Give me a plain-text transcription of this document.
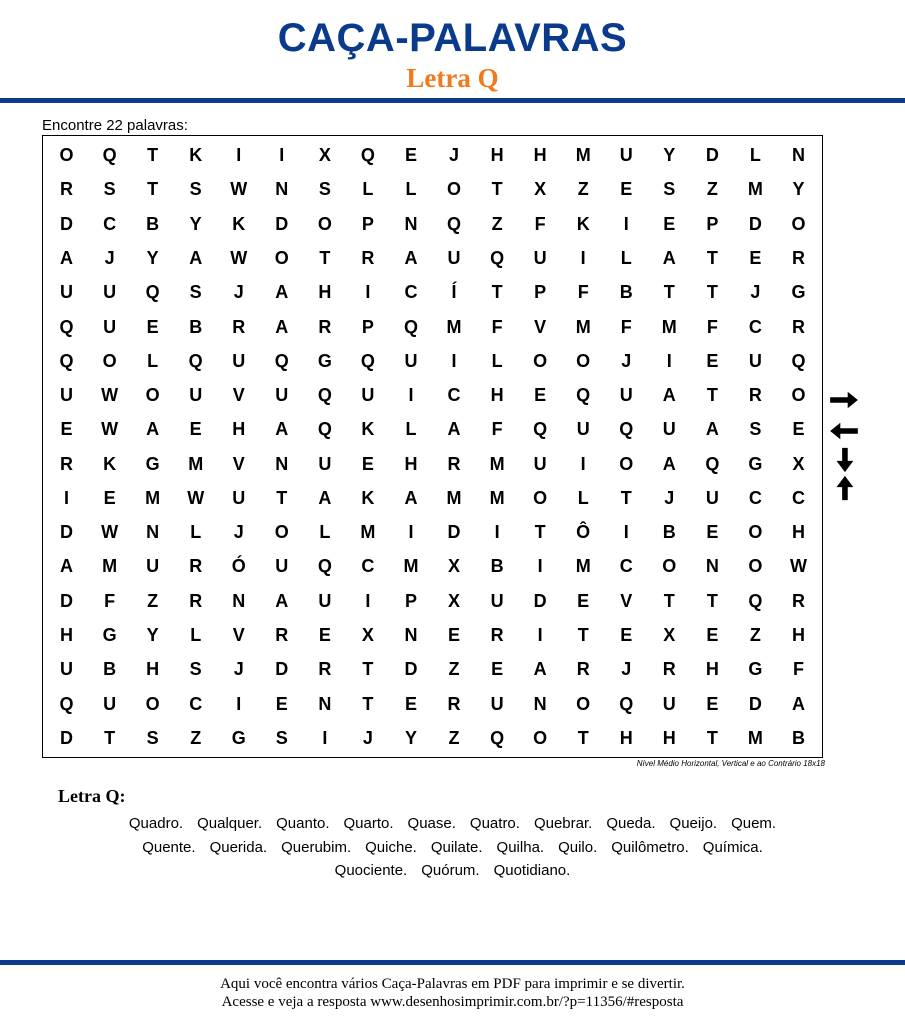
CAÇA-PALAVRAS
Letra Q
Encontre 22 palavras:
O	Q	T	K	I	I	X	Q	E	J	H	H	M	U	Y	D	L	N
R	S	T	S	W	N	S	L	L	O	T	X	Z	E	S	Z	M	Y
D	C	B	Y	K	D	O	P	N	Q	Z	F	K	I	E	P	D	O
A	J	Y	A	W	O	T	R	A	U	Q	U	I	L	A	T	E	R
U	U	Q	S	J	A	H	I	C	Í	T	P	F	B	T	T	J	G
Q	U	E	B	R	A	R	P	Q	M	F	V	M	F	M	F	C	R
Q	O	L	Q	U	Q	G	Q	U	I	L	O	O	J	I	E	U	Q
U	W	O	U	V	U	Q	U	I	C	H	E	Q	U	A	T	R	O
E	W	A	E	H	A	Q	K	L	A	F	Q	U	Q	U	A	S	E
R	K	G	M	V	N	U	E	H	R	M	U	I	O	A	Q	G	X
I	E	M	W	U	T	A	K	A	M	M	O	L	T	J	U	C	C
D	W	N	L	J	O	L	M	I	D	I	T	Ô	I	B	E	O	H
A	M	U	R	Ó	U	Q	C	M	X	B	I	M	C	O	N	O	W
D	F	Z	R	N	A	U	I	P	X	U	D	E	V	T	T	Q	R
H	G	Y	L	V	R	E	X	N	E	R	I	T	E	X	E	Z	H
U	B	H	S	J	D	R	T	D	Z	E	A	R	J	R	H	G	F
Q	U	O	C	I	E	N	T	E	R	U	N	O	Q	U	E	D	A
D	T	S	Z	G	S	I	J	Y	Z	Q	O	T	H	H	T	M	B
Nível Médio Horizontal, Vertical e ao Contrário 18x18
Letra Q:
Quadro. Qualquer. Quanto. Quarto. Quase. Quatro. Quebrar. Queda. Queijo. Quem.
Quente. Querida. Querubim. Quiche. Quilate. Quilha. Quilo. Quilômetro. Química.
Quociente. Quórum. Quotidiano.
Aqui você encontra vários Caça-Palavras em PDF para imprimir e se divertir.
Acesse e veja a resposta www.desenhosimprimir.com.br/?p=11356/#resposta
